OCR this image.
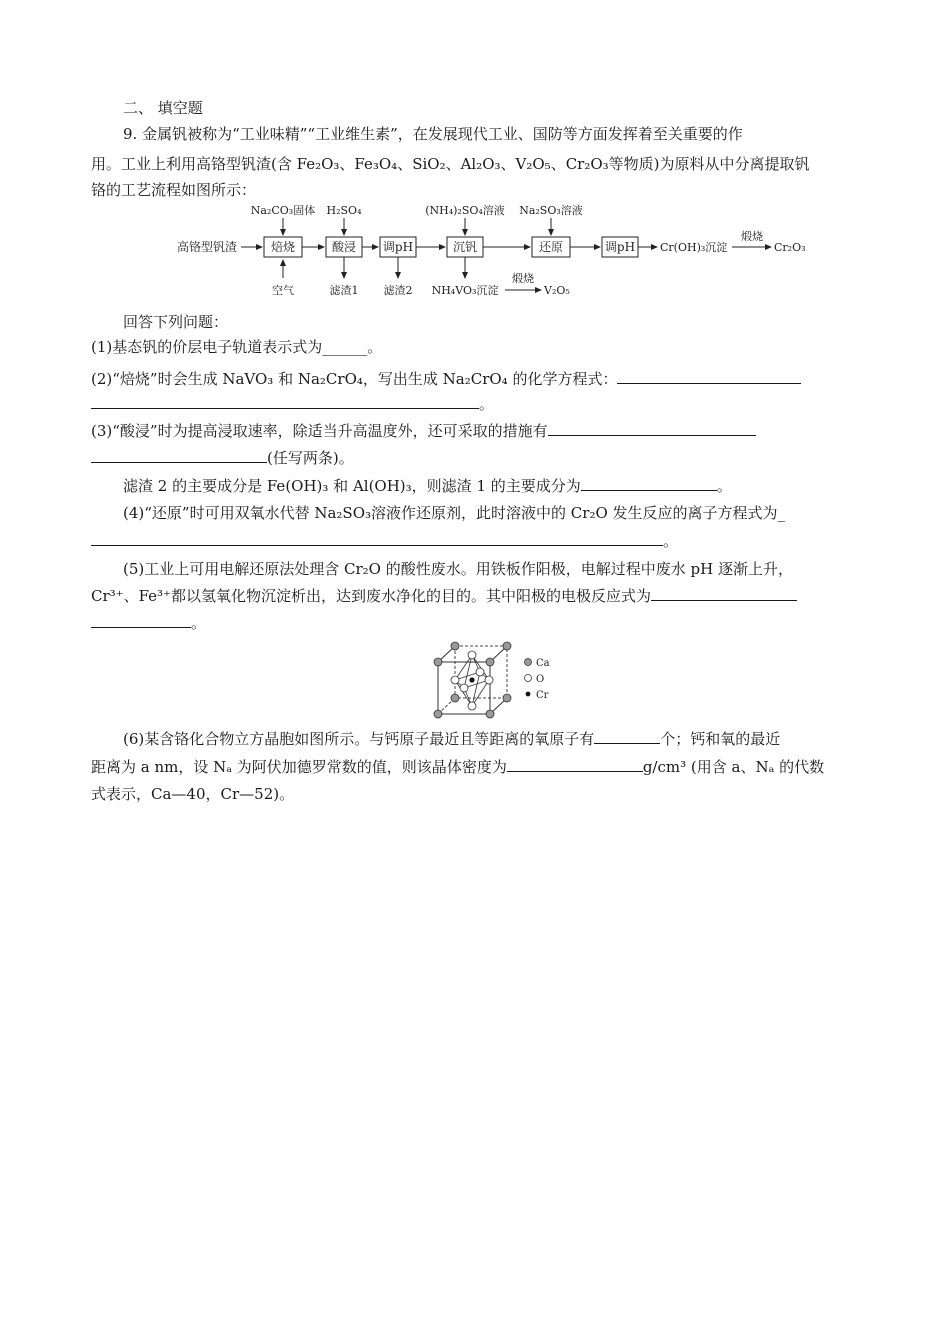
二、 填空题
9. 金属钒被称为“工业味精”“工业维生素”，在发展现代工业、国防等方面发挥着至关重要的作
用。工业上利用高铬型钒渣(含 Fe₂O₃、Fe₃O₄、SiO₂、Al₂O₃、V₂O₅、Cr₂O₃等物质)为原料从中分离提取钒
铬的工艺流程如图所示：
高铬型钒渣	焙烧	酸浸 调pH	沉钒	还原	调pH Cr(OH)₃沉淀
煅烧
Cr₂O₃
Na₂CO₃固体 H₂SO₄	(NH₄)₂SO₄溶液 Na₂SO₃溶液
空气	滤渣1 滤渣2 NH₄VO₃沉淀
煅烧
V₂O₅
回答下列问题：
(1)基态钒的价层电子轨道表示式为______。
(2)“焙烧”时会生成 NaVO₃ 和 Na₂CrO₄，写出生成 Na₂CrO₄ 的化学方程式：
。
(3)“酸浸”时为提高浸取速率，除适当升高温度外，还可采取的措施有
(任写两条)。
滤渣 2 的主要成分是 Fe(OH)₃ 和 Al(OH)₃，则滤渣 1 的主要成分为	。
(4)“还原”时可用双氧水代替 Na₂SO₃溶液作还原剂，此时溶液中的 Cr₂O 发生反应的离子方程式为_
。
(5)工业上可用电解还原法处理含 Cr₂O 的酸性废水。用铁板作阳极，电解过程中废水 pH 逐渐上升，
Cr³⁺、Fe³⁺都以氢氧化物沉淀析出，达到废水净化的目的。其中阳极的电极反应式为
。
Ca
O
Cr
(6)某含铬化合物立方晶胞如图所示。与钙原子最近且等距离的氧原子有	个；钙和氧的最近
距离为 a nm，设 Nₐ 为阿伏加德罗常数的值，则该晶体密度为	g/cm³ (用含 a、Nₐ 的代数
式表示，Ca—40，Cr—52)。
